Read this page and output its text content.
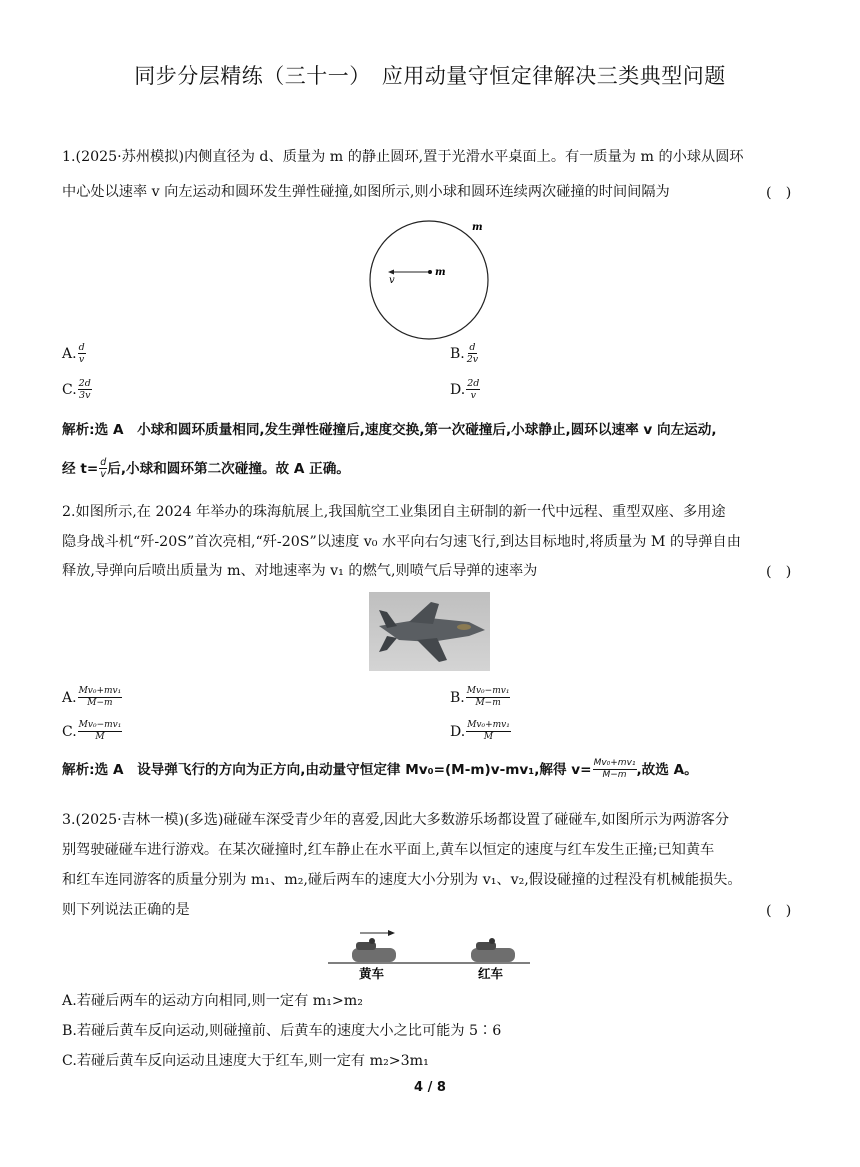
同步分层精练（三十一）　应用动量守恒定律解决三类典型问题
1.(2025·苏州模拟)内侧直径为 d、质量为 m 的静止圆环,置于光滑水平桌面上。有一质量为 m 的小球从圆环
中心处以速率 v 向左运动和圆环发生弹性碰撞,如图所示,则小球和圆环连续两次碰撞的时间间隔为	(　)
m
m
v
A. $\frac{d}{v}$	B. $\frac{d}{2v}$
C. $\frac{2d}{3v}$	D. $\frac{2d}{v}$
解析:选 A　小球和圆环质量相同,发生弹性碰撞后,速度交换,第一次碰撞后,小球静止,圆环以速率 v 向左运动,
经 $t= \frac{d}{v}$ 后,小球和圆环第二次碰撞。故 A 正确。
2.如图所示,在 2024 年举办的珠海航展上,我国航空工业集团自主研制的新一代中远程、重型双座、多用途
隐身战斗机“歼-20S”首次亮相,“歼-20S”以速度 v₀ 水平向右匀速飞行,到达目标地时,将质量为 M 的导弹自由
释放,导弹向后喷出质量为 m、对地速率为 v₁ 的燃气,则喷气后导弹的速率为	(　)
A. $\frac{\text{Mv₀+mv₁}}{M-m}$	B. $\frac{\text{Mv₀−mv₁}}{M-m}$
C. $\frac{\text{Mv₀−mv₁}}{M}$	D. $\frac{\text{Mv₀+mv₁}}{M}$
解析:选 A　设导弹飞行的方向为正方向,由动量守恒定律 Mv₀=(M-m)v-mv₁,解得 $v= \frac{\text{Mv₀+mv₁}}{M-m}$ ,故选 A。
3.(2025·吉林一模)(多选)碰碰车深受青少年的喜爱,因此大多数游乐场都设置了碰碰车,如图所示为两游客分
别驾驶碰碰车进行游戏。在某次碰撞时,红车静止在水平面上,黄车以恒定的速度与红车发生正撞;已知黄车
和红车连同游客的质量分别为 m₁、m₂,碰后两车的速度大小分别为 v₁、v₂,假设碰撞的过程没有机械能损失。
则下列说法正确的是	(　)
黄车	红车
A.若碰后两车的运动方向相同,则一定有 m₁>m₂
B.若碰后黄车反向运动,则碰撞前、后黄车的速度大小之比可能为 5∶6
C.若碰后黄车反向运动且速度大于红车,则一定有 m₂>3m₁
4 / 8
